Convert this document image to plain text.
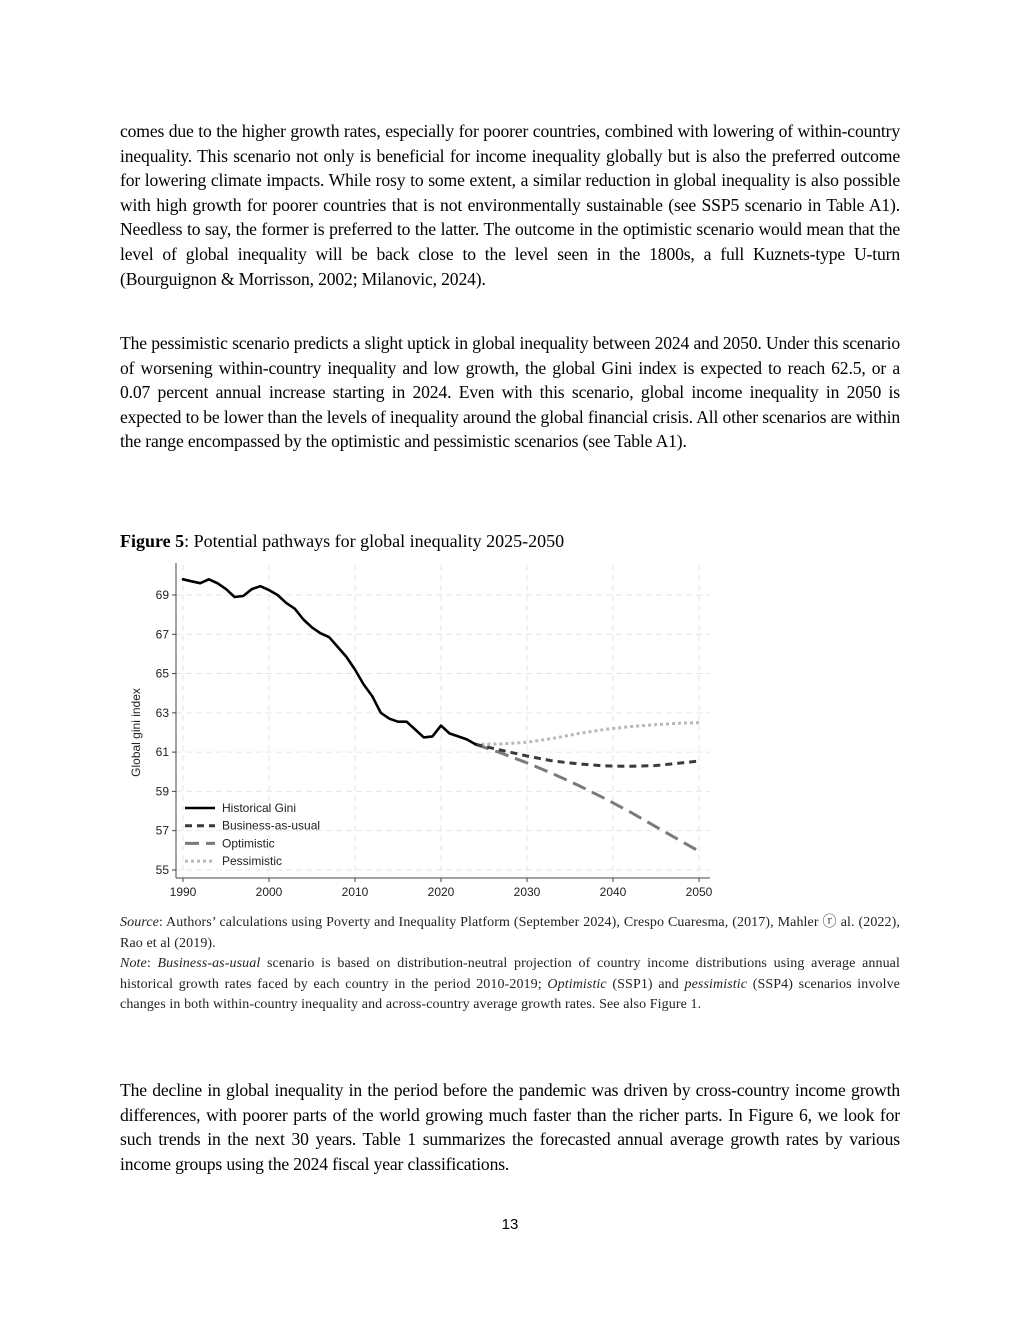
comes due to the higher growth rates, especially for poorer countries, combined with lowering of within-country inequality. This scenario not only is beneficial for income inequality globally but is also the preferred outcome for lowering climate impacts. While rosy to some extent, a similar reduction in global inequality is also possible with high growth for poorer countries that is not environmentally sustainable (see SSP5 scenario in Table A1). Needless to say, the former is preferred to the latter. The outcome in the optimistic scenario would mean that the level of global inequality will be back close to the level seen in the 1800s, a full Kuznets-type U-turn (Bourguignon & Morrisson, 2002; Milanovic, 2024).

The pessimistic scenario predicts a slight uptick in global inequality between 2024 and 2050. Under this scenario of worsening within-country inequality and low growth, the global Gini index is expected to reach 62.5, or a 0.07 percent annual increase starting in 2024. Even with this scenario, global income inequality in 2050 is expected to be lower than the levels of inequality around the global financial crisis. All other scenarios are within the range encompassed by the optimistic and pessimistic scenarios (see Table A1).

Figure 5: Potential pathways for global inequality 2025-2050

55
57
59
61
63
65
67
69
1990	2000	2010	2020	2030	2040	2050
Global gini index
Historical Gini
Business-as-usual
Optimistic
Pessimistic

Source: Authors’ calculations using Poverty and Inequality Platform (September 2024), Crespo Cuaresma, (2017), Mahler ⓡ al. (2022), Rao et al (2019).
Note: Business-as-usual scenario is based on distribution-neutral projection of country income distributions using average annual historical growth rates faced by each country in the period 2010-2019; Optimistic (SSP1) and pessimistic (SSP4) scenarios involve changes in both within-country inequality and across-country average growth rates. See also Figure 1.

The decline in global inequality in the period before the pandemic was driven by cross-country income growth differences, with poorer parts of the world growing much faster than the richer parts. In Figure 6, we look for such trends in the next 30 years. Table 1 summarizes the forecasted annual average growth rates by various income groups using the 2024 fiscal year classifications.

13
